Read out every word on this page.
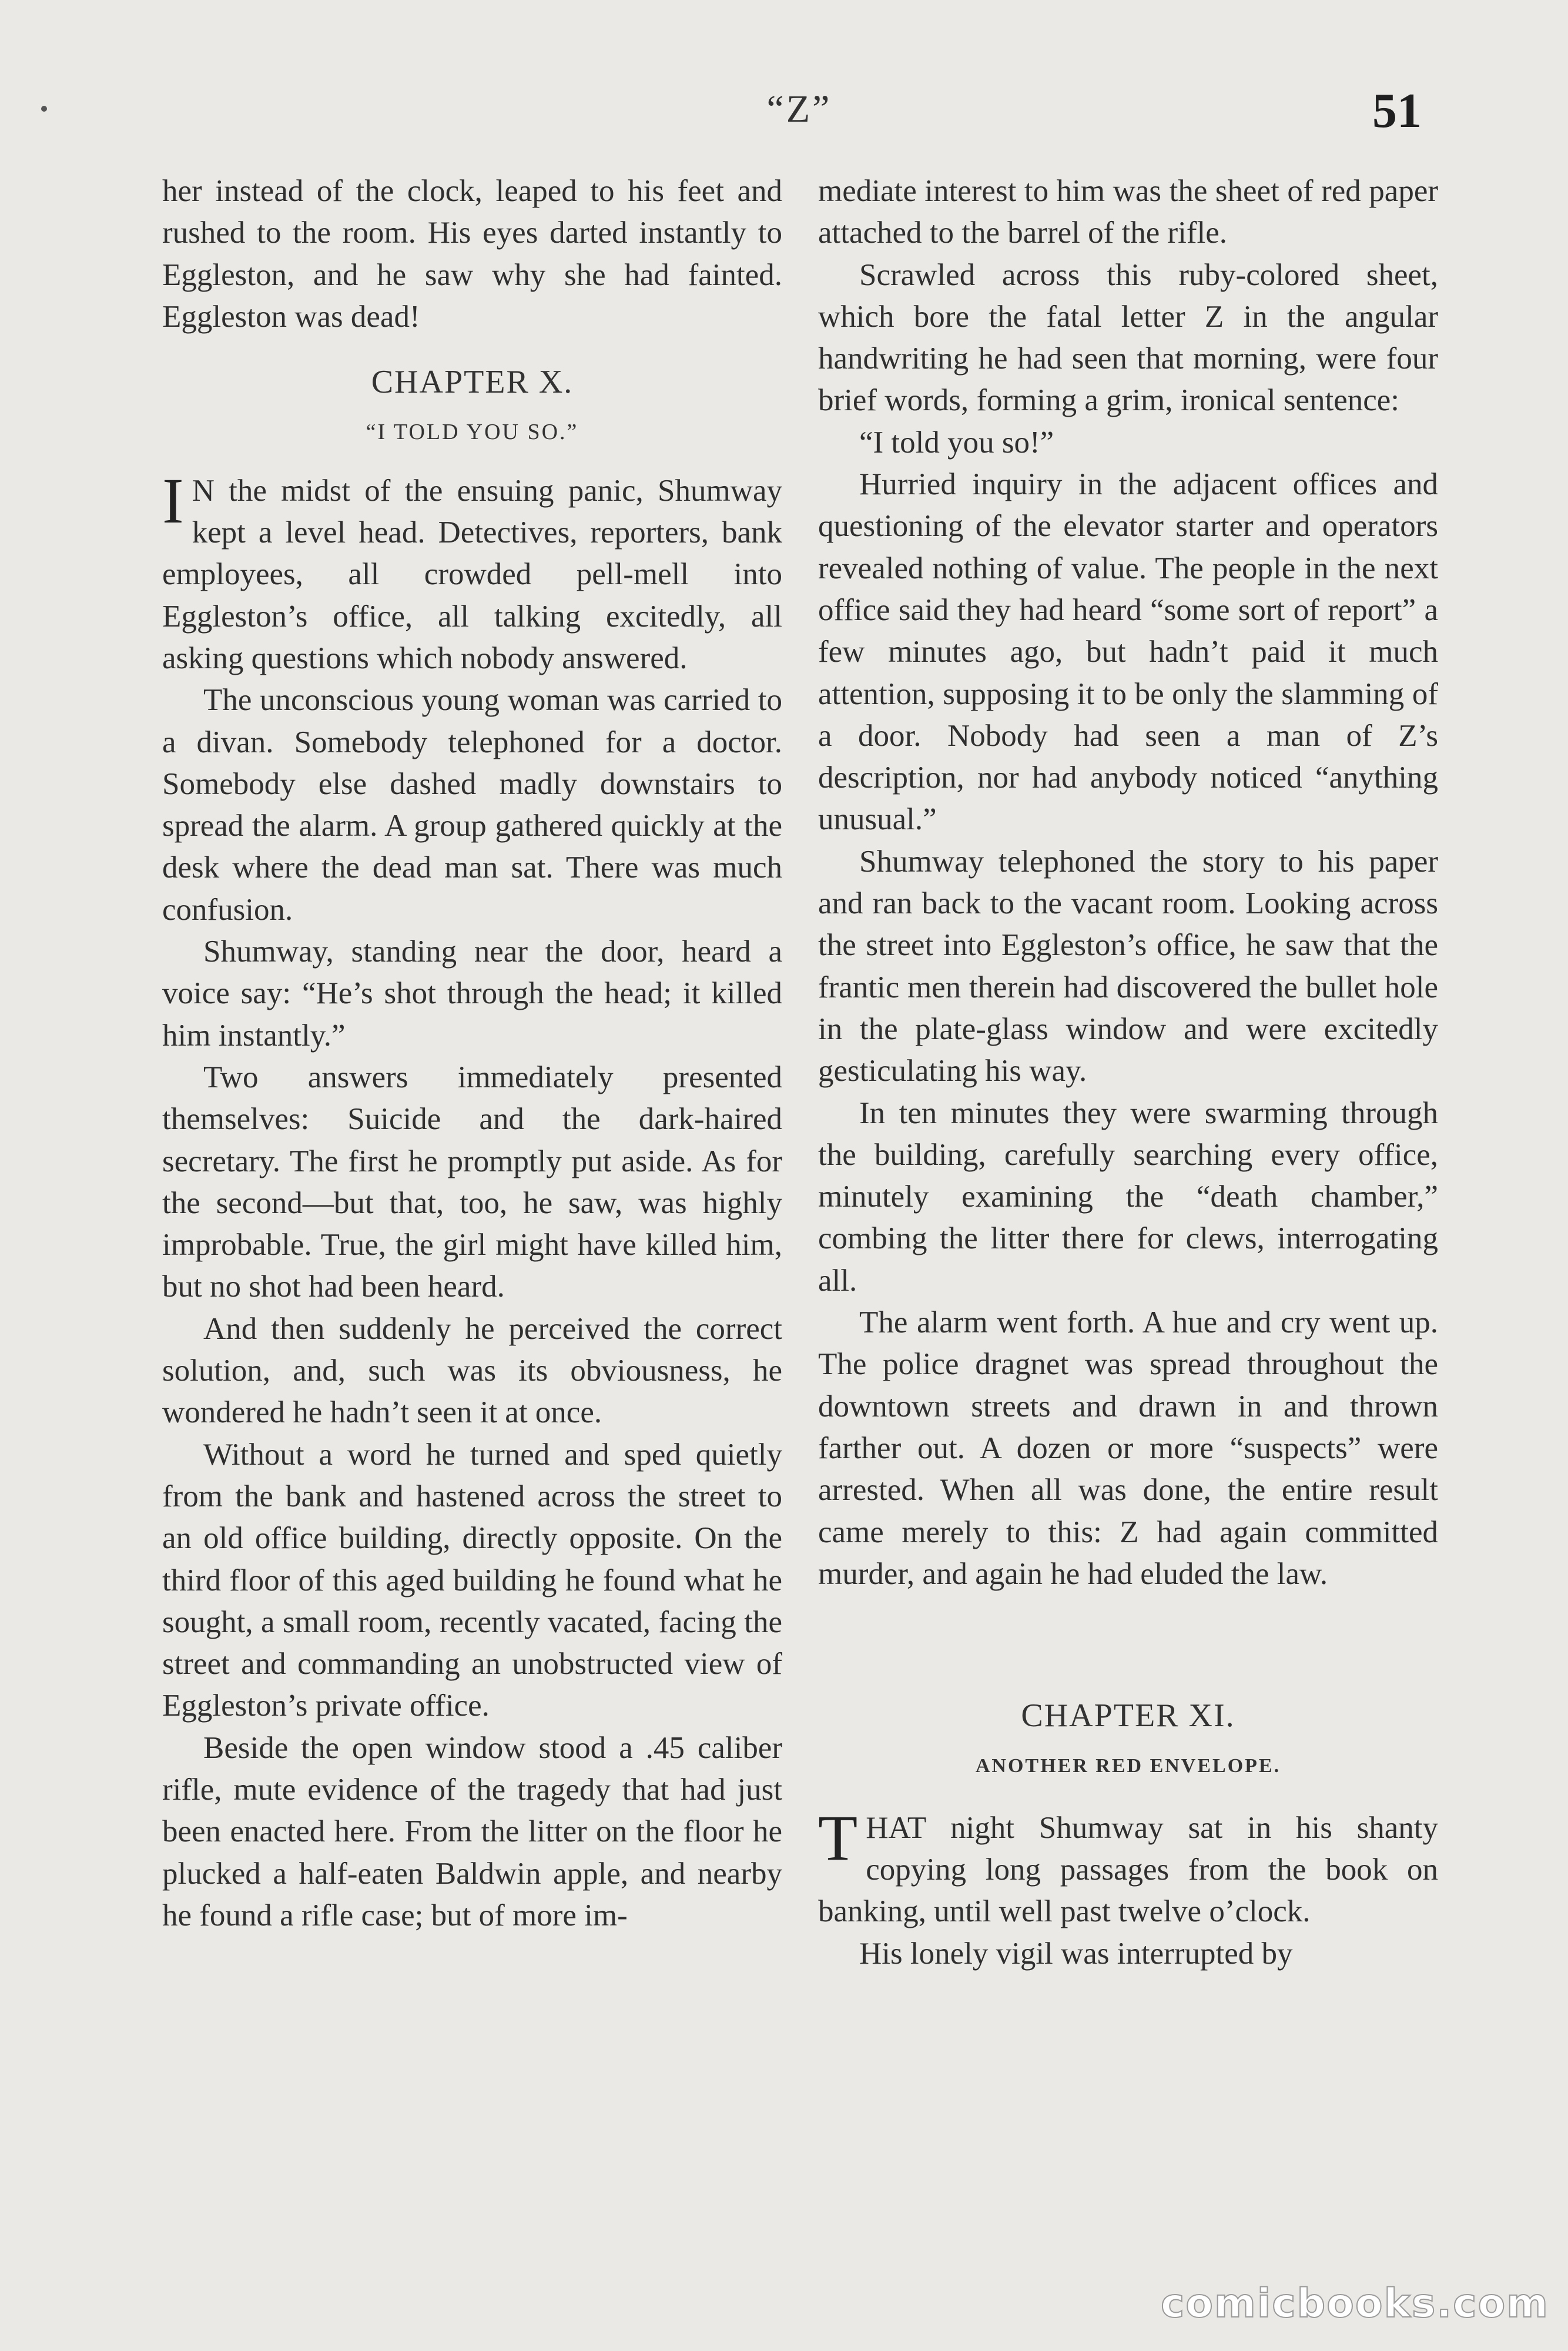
“Z”	51

her instead of the clock, leaped to his feet and rushed to the room. His eyes darted instantly to Eggleston, and he saw why she had fainted. Eggleston was dead!

CHAPTER X.
“I TOLD YOU SO.”

I N the midst of the ensuing panic, Shumway kept a level head. Detectives, reporters, bank employees, all crowded pell-mell into Eggleston’s office, all talking excitedly, all asking questions which nobody answered.

The unconscious young woman was carried to a divan. Somebody telephoned for a doctor. Somebody else dashed madly downstairs to spread the alarm. A group gathered quickly at the desk where the dead man sat. There was much confusion.

Shumway, standing near the door, heard a voice say: “He’s shot through the head; it killed him instantly.”

Two answers immediately presented themselves: Suicide and the dark-haired secretary. The first he promptly put aside. As for the second—but that, too, he saw, was highly improbable. True, the girl might have killed him, but no shot had been heard.

And then suddenly he perceived the correct solution, and, such was its obviousness, he wondered he hadn’t seen it at once.

Without a word he turned and sped quietly from the bank and hastened across the street to an old office building, directly opposite. On the third floor of this aged building he found what he sought, a small room, recently vacated, facing the street and commanding an unobstructed view of Eggleston’s private office.

Beside the open window stood a .45 caliber rifle, mute evidence of the tragedy that had just been enacted here. From the litter on the floor he plucked a half-eaten Baldwin apple, and nearby he found a rifle case; but of more im-

mediate interest to him was the sheet of red paper attached to the barrel of the rifle.

Scrawled across this ruby-colored sheet, which bore the fatal letter Z in the angular handwriting he had seen that morning, were four brief words, forming a grim, ironical sentence:

“I told you so!”

Hurried inquiry in the adjacent offices and questioning of the elevator starter and operators revealed nothing of value. The people in the next office said they had heard “some sort of report” a few minutes ago, but hadn’t paid it much attention, supposing it to be only the slamming of a door. Nobody had seen a man of Z’s description, nor had anybody noticed “anything unusual.”

Shumway telephoned the story to his paper and ran back to the vacant room. Looking across the street into Eggleston’s office, he saw that the frantic men therein had discovered the bullet hole in the plate-glass window and were excitedly gesticulating his way.

In ten minutes they were swarming through the building, carefully searching every office, minutely examining the “death chamber,” combing the litter there for clews, interrogating all.

The alarm went forth. A hue and cry went up. The police dragnet was spread throughout the downtown streets and drawn in and thrown farther out. A dozen or more “suspects” were arrested. When all was done, the entire result came merely to this: Z had again committed murder, and again he had eluded the law.

CHAPTER XI.
ANOTHER RED ENVELOPE.

THAT night Shumway sat in his shanty copying long passages from the book on banking, until well past twelve o’clock.

His lonely vigil was interrupted by

comicbooks.com
